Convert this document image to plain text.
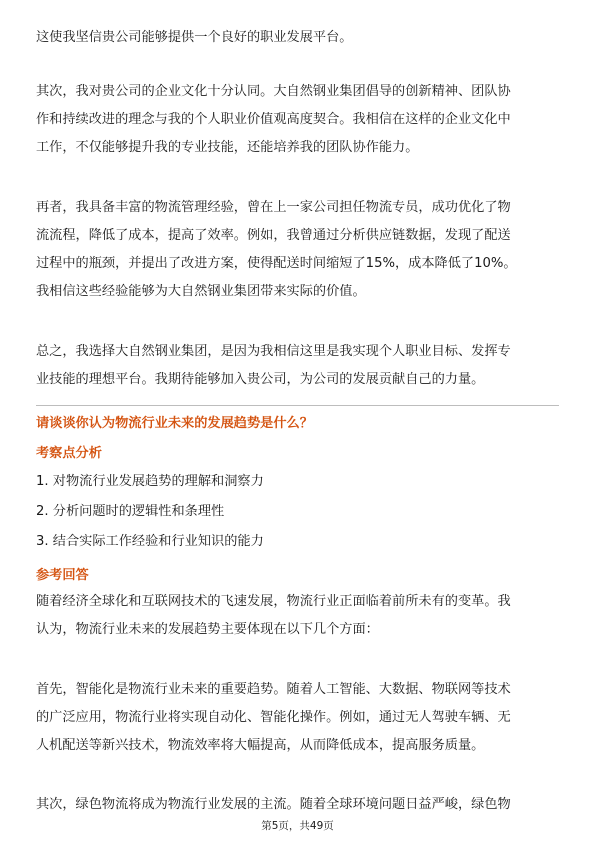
这使我坚信贵公司能够提供一个良好的职业发展平台。
其次，我对贵公司的企业文化十分认同。大自然钢业集团倡导的创新精神、团队协
作和持续改进的理念与我的个人职业价值观高度契合。我相信在这样的企业文化中
工作，不仅能够提升我的专业技能，还能培养我的团队协作能力。
再者，我具备丰富的物流管理经验，曾在上一家公司担任物流专员，成功优化了物
流流程，降低了成本，提高了效率。例如，我曾通过分析供应链数据，发现了配送
过程中的瓶颈，并提出了改进方案，使得配送时间缩短了15%，成本降低了10%。
我相信这些经验能够为大自然钢业集团带来实际的价值。
总之，我选择大自然钢业集团，是因为我相信这里是我实现个人职业目标、发挥专
业技能的理想平台。我期待能够加入贵公司，为公司的发展贡献自己的力量。
请谈谈你认为物流行业未来的发展趋势是什么？
考察点分析
1. 对物流行业发展趋势的理解和洞察力
2. 分析问题时的逻辑性和条理性
3. 结合实际工作经验和行业知识的能力
参考回答
随着经济全球化和互联网技术的飞速发展，物流行业正面临着前所未有的变革。我
认为，物流行业未来的发展趋势主要体现在以下几个方面：
首先，智能化是物流行业未来的重要趋势。随着人工智能、大数据、物联网等技术
的广泛应用，物流行业将实现自动化、智能化操作。例如，通过无人驾驶车辆、无
人机配送等新兴技术，物流效率将大幅提高，从而降低成本，提高服务质量。
其次，绿色物流将成为物流行业发展的主流。随着全球环境问题日益严峻，绿色物
第5页，共49页
